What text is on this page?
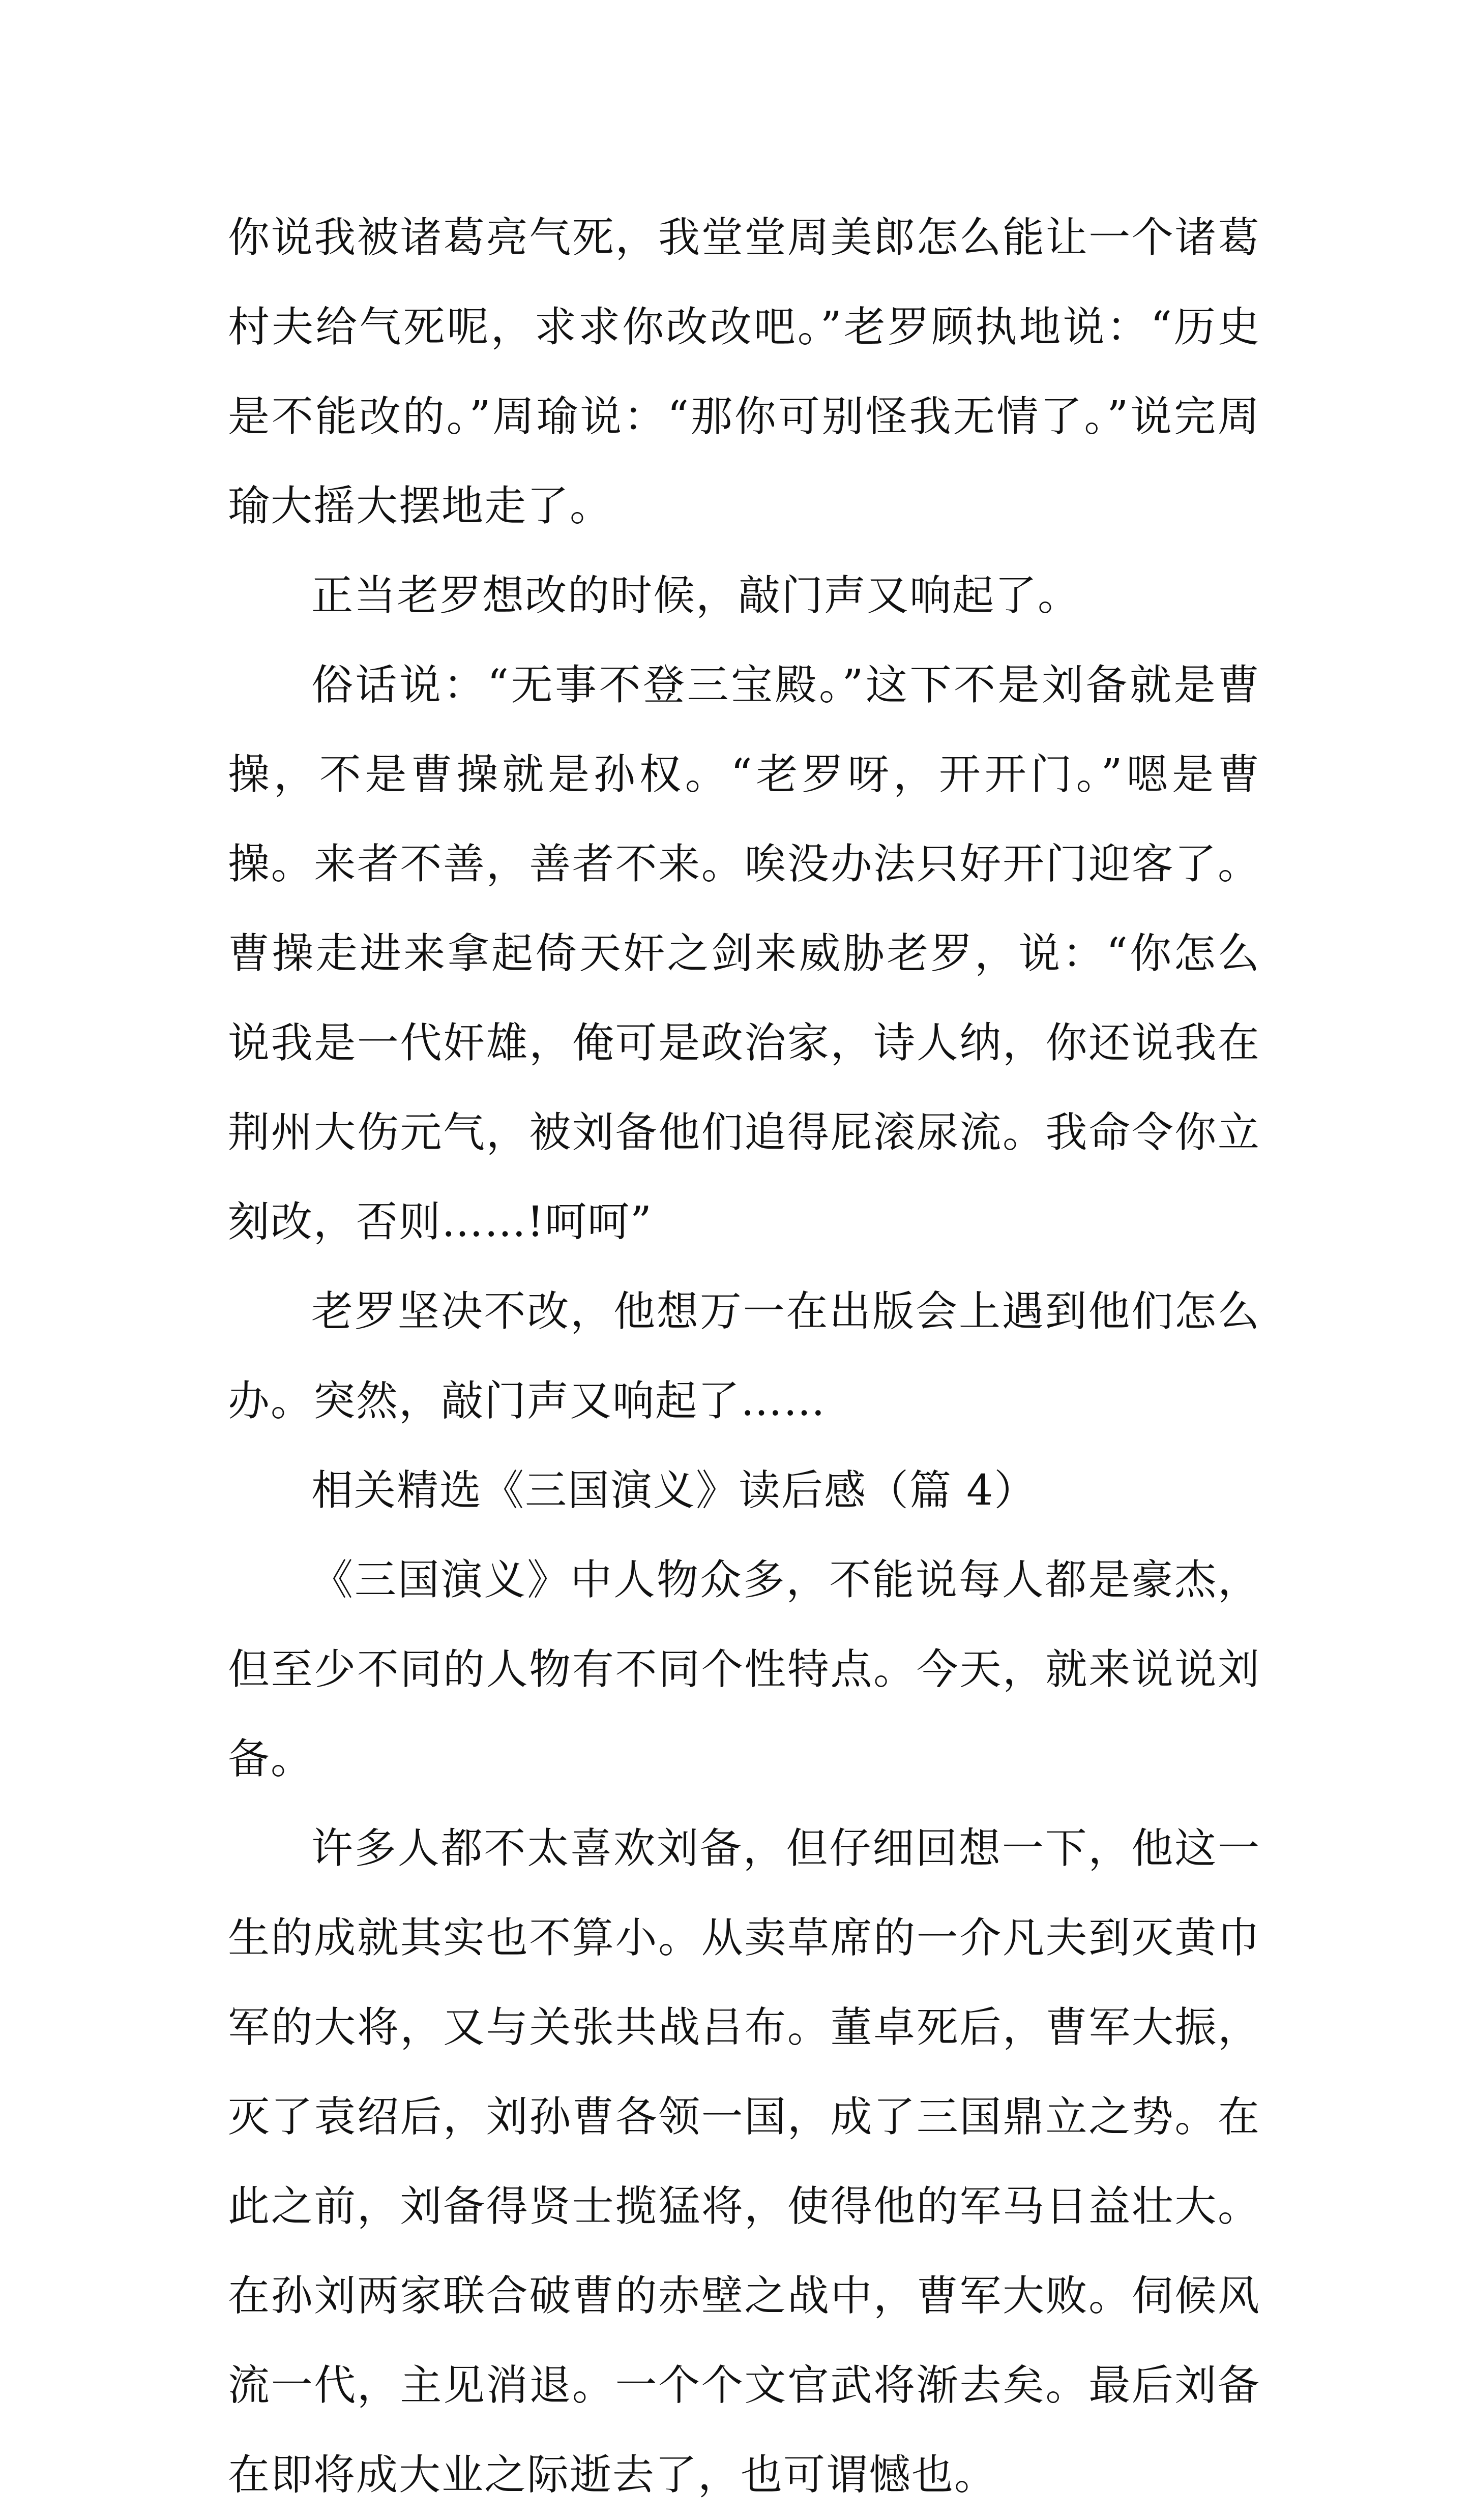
你说我被诸葛亮气死，我堂堂周美郎怎么能让一个诸葛村夫给气死呢，求求你改改吧。”老罗顾执地说：“历史是不能改的。”周瑜说：“那你可别怪我无情了。”说完周瑜大摇大摆地走了。

正当老罗想改的时候，敲门声又响起了。

俗话说：“无事不登三宝殿。”这下不是刘备就是曹操，不是曹操就是孙权。“老罗呀，开开门。”嗯是曹操。来者不善，善者不来。唉没办法只好开门迎客了。曹操走进来拿起倚天奸之剑来威胁老罗，说：“你怎么说我是一代奸雄，俺可是政治家，诗人纳，你还说我在荆州大伤元气，被刘备他们追得屁滚尿流。我命令你立刻改，否则……!呵呵”

老罗坚决不改，他想万一在出版会上遇到他们怎么办。突然，敲门声又响起了……

相关精选《三国演义》读后感（篇 4）

《三国演义》中人物众多，不能说每人都是豪杰，但至少不同的人物有不同个性特点。今天，就来说说刘备。

许多人都不太喜欢刘备，但仔细回想一下，他这一生的成就其实也不算小。从卖草席的一介凡夫到灭黄巾军的大将，又与关张共战吕布。董卓死后，曹军大振，灭了袁绍后，刘孙曹各领一国，成了三国鼎立之势。在此之前，刘备得贤士揽猛将，使得他的军马日益壮大。在孙刘两家联合破曹的赤壁之战中，曹军大败。伺候风流一代，主见消退。一个个文官武将渐去矣。最后刘备在即将成大业之际逝去了，也可谓憾也。
